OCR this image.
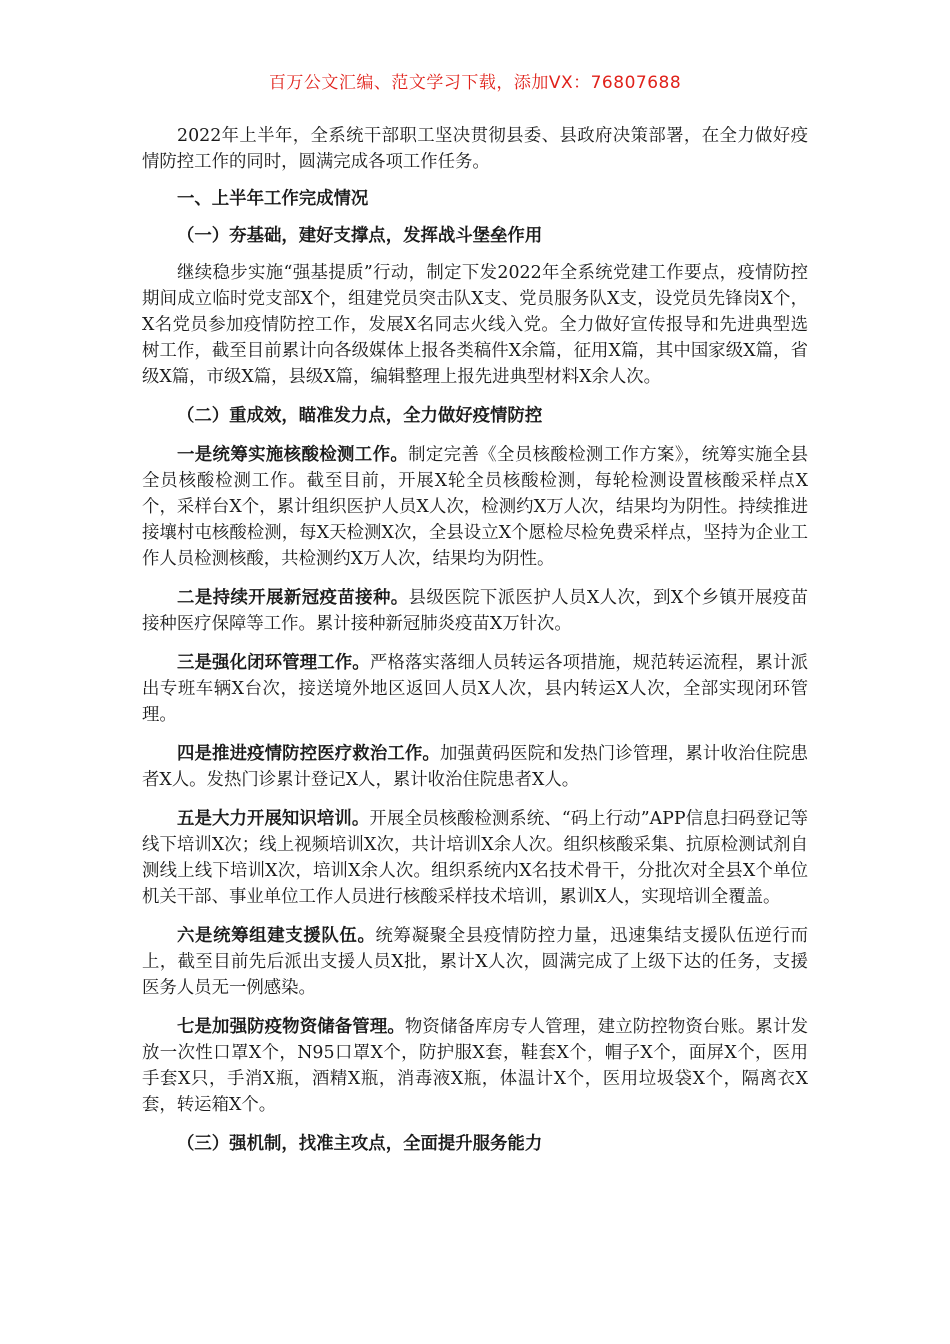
百万公文汇编、范文学习下载，添加VX：76807688

2022年上半年，全系统干部职工坚决贯彻县委、县政府决策部署，在全力做好疫情防控工作的同时，圆满完成各项工作任务。

一、上半年工作完成情况

（一）夯基础，建好支撑点，发挥战斗堡垒作用

继续稳步实施“强基提质”行动，制定下发2022年全系统党建工作要点，疫情防控期间成立临时党支部X个，组建党员突击队X支、党员服务队X支，设党员先锋岗X个，X名党员参加疫情防控工作，发展X名同志火线入党。全力做好宣传报导和先进典型选树工作，截至目前累计向各级媒体上报各类稿件X余篇，征用X篇，其中国家级X篇，省级X篇，市级X篇，县级X篇，编辑整理上报先进典型材料X余人次。

（二）重成效，瞄准发力点，全力做好疫情防控

一是统筹实施核酸检测工作。制定完善《全员核酸检测工作方案》，统筹实施全县全员核酸检测工作。截至目前，开展X轮全员核酸检测，每轮检测设置核酸采样点X个，采样台X个，累计组织医护人员X人次，检测约X万人次，结果均为阴性。持续推进接壤村屯核酸检测，每X天检测X次，全县设立X个愿检尽检免费采样点，坚持为企业工作人员检测核酸，共检测约X万人次，结果均为阴性。

二是持续开展新冠疫苗接种。县级医院下派医护人员X人次，到X个乡镇开展疫苗接种医疗保障等工作。累计接种新冠肺炎疫苗X万针次。

三是强化闭环管理工作。严格落实落细人员转运各项措施，规范转运流程，累计派出专班车辆X台次，接送境外地区返回人员X人次，县内转运X人次，全部实现闭环管理。

四是推进疫情防控医疗救治工作。加强黄码医院和发热门诊管理，累计收治住院患者X人。发热门诊累计登记X人，累计收治住院患者X人。

五是大力开展知识培训。开展全员核酸检测系统、“码上行动”APP信息扫码登记等线下培训X次；线上视频培训X次，共计培训X余人次。组织核酸采集、抗原检测试剂自测线上线下培训X次，培训X余人次。组织系统内X名技术骨干，分批次对全县X个单位机关干部、事业单位工作人员进行核酸采样技术培训，累训X人，实现培训全覆盖。

六是统筹组建支援队伍。统筹凝聚全县疫情防控力量，迅速集结支援队伍逆行而上，截至目前先后派出支援人员X批，累计X人次，圆满完成了上级下达的任务，支援医务人员无一例感染。

七是加强防疫物资储备管理。物资储备库房专人管理，建立防控物资台账。累计发放一次性口罩X个，N95口罩X个，防护服X套，鞋套X个，帽子X个，面屏X个，医用手套X只，手消X瓶，酒精X瓶，消毒液X瓶，体温计X个，医用垃圾袋X个，隔离衣X套，转运箱X个。

（三）强机制，找准主攻点，全面提升服务能力
